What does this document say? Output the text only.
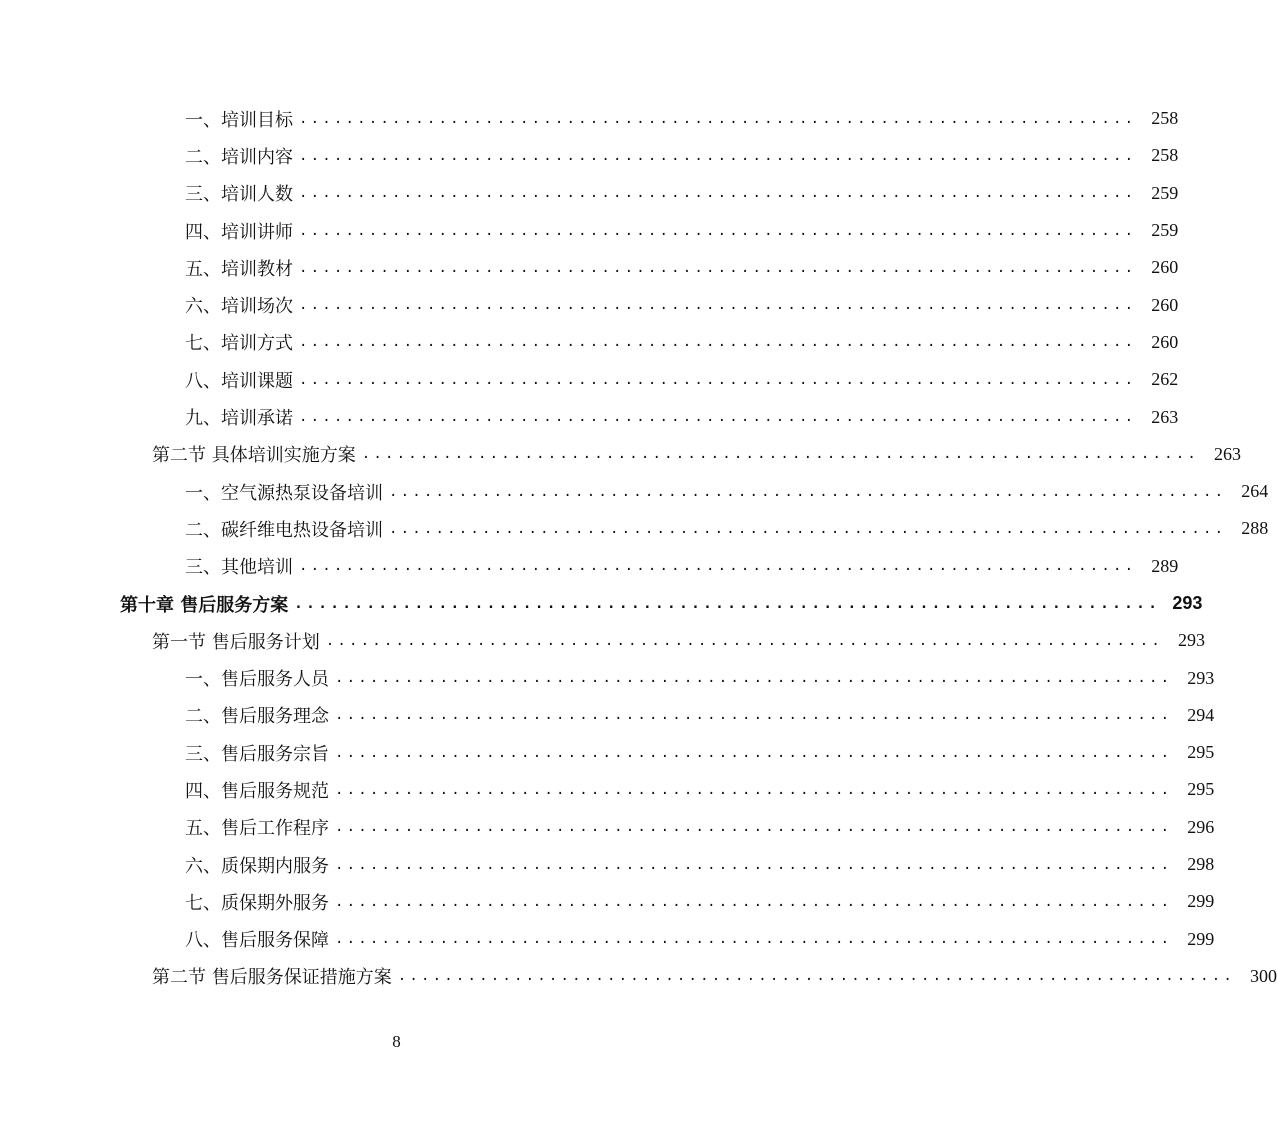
一、培训目标 ........................................................................ 258
二、培训内容 ........................................................................ 258
三、培训人数 ........................................................................ 259
四、培训讲师 ........................................................................ 259
五、培训教材 ........................................................................ 260
六、培训场次 ........................................................................ 260
七、培训方式 ........................................................................ 260
八、培训课题 ........................................................................ 262
九、培训承诺 ........................................................................ 263
第二节 具体培训实施方案 ........................................................................ 263
一、空气源热泵设备培训 ........................................................................ 264
二、碳纤维电热设备培训 ........................................................................ 288
三、其他培训 ........................................................................ 289
第十章 售后服务方案 ........................................................................ 293
第一节 售后服务计划 ........................................................................ 293
一、售后服务人员 ........................................................................ 293
二、售后服务理念 ........................................................................ 294
三、售后服务宗旨 ........................................................................ 295
四、售后服务规范 ........................................................................ 295
五、售后工作程序 ........................................................................ 296
六、质保期内服务 ........................................................................ 298
七、质保期外服务 ........................................................................ 299
八、售后服务保障 ........................................................................ 299
第二节 售后服务保证措施方案 ........................................................................ 300
8
